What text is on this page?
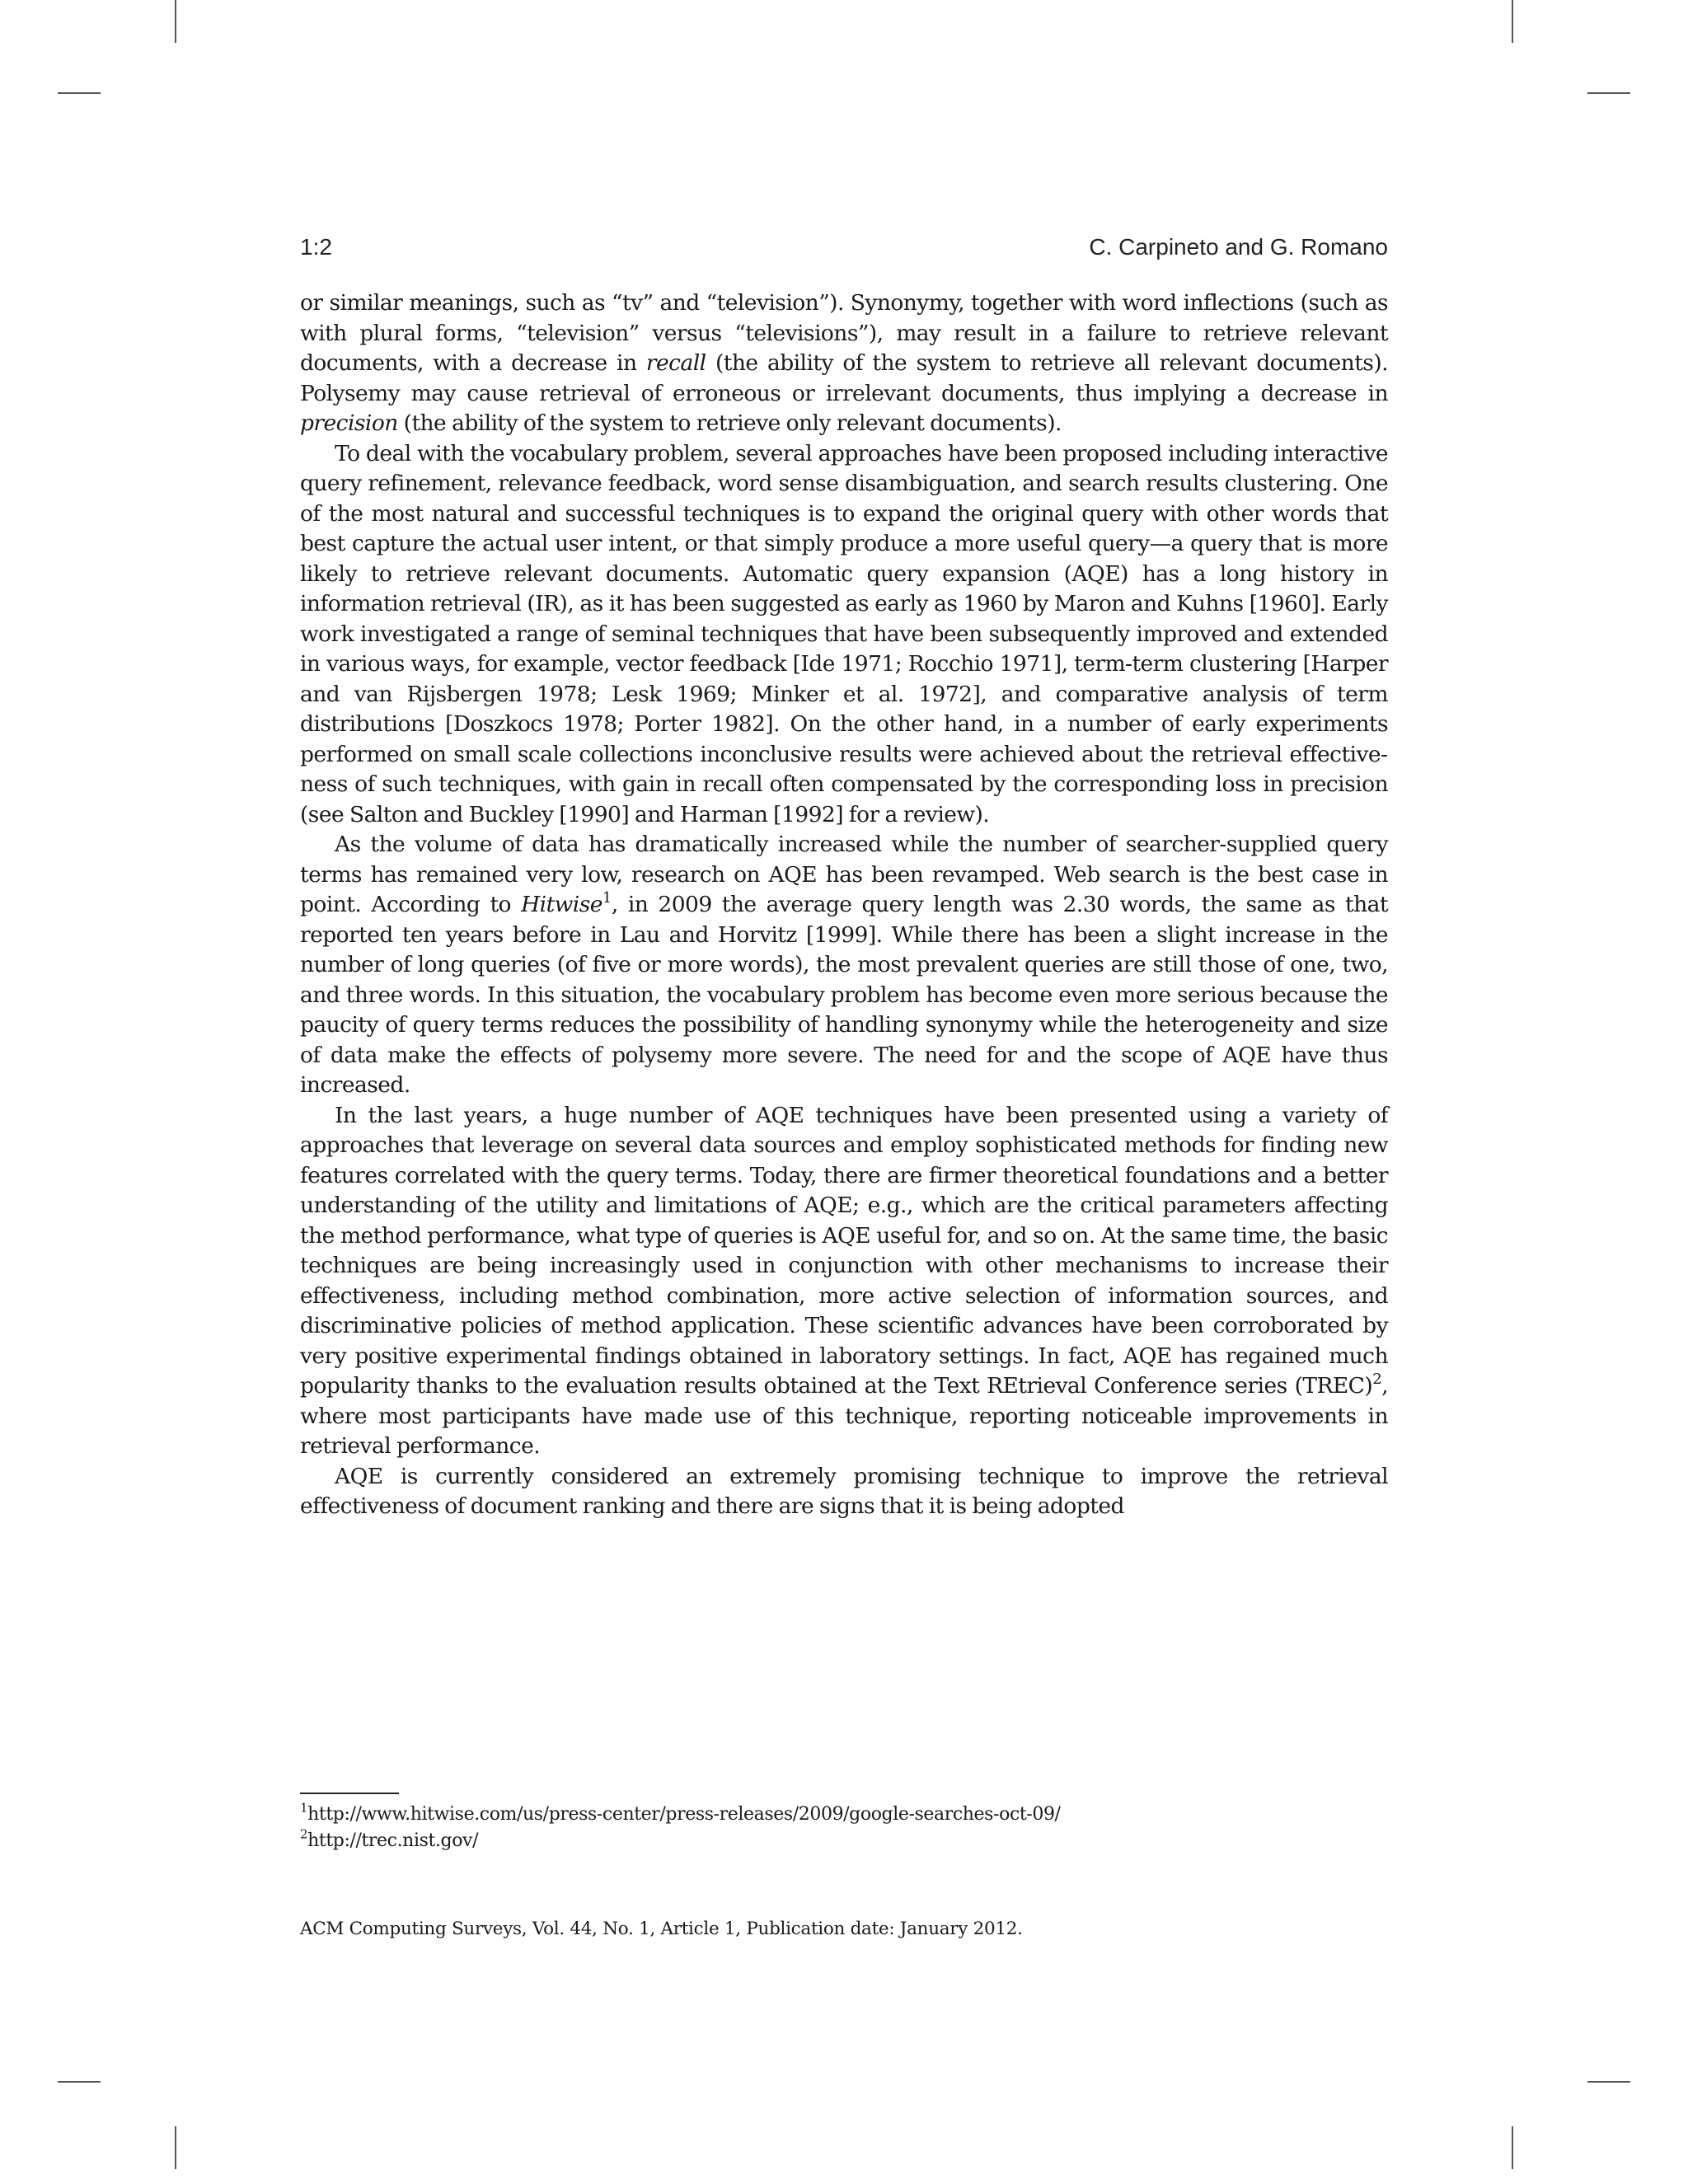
1:2	C. Carpineto and G. Romano

or similar meanings, such as “tv” and “television”). Synonymy, together with word inflections (such as with plural forms, “television” versus “televisions”), may result in a failure to retrieve relevant documents, with a decrease in recall (the ability of the system to retrieve all relevant documents). Polysemy may cause retrieval of erroneous or irrelevant documents, thus implying a decrease in precision (the ability of the system to retrieve only relevant documents).

To deal with the vocabulary problem, several approaches have been proposed including interactive query refinement, relevance feedback, word sense disambiguation, and search results clustering. One of the most natural and successful techniques is to expand the original query with other words that best capture the actual user intent, or that simply produce a more useful query—a query that is more likely to retrieve relevant documents. Automatic query expansion (AQE) has a long history in information retrieval (IR), as it has been suggested as early as 1960 by Maron and Kuhns [1960]. Early work investigated a range of seminal techniques that have been subsequently improved and extended in various ways, for example, vector feedback [Ide 1971; Rocchio 1971], term-term clustering [Harper and van Rijsbergen 1978; Lesk 1969; Minker et al. 1972], and comparative analysis of term distributions [Doszkocs 1978; Porter 1982]. On the other hand, in a number of early experiments performed on small scale collections inconclusive results were achieved about the retrieval effectiveness of such techniques, with gain in recall often compensated by the corresponding loss in precision (see Salton and Buckley [1990] and Harman [1992] for a review).

As the volume of data has dramatically increased while the number of searcher-supplied query terms has remained very low, research on AQE has been revamped. Web search is the best case in point. According to Hitwise$^1$, in 2009 the average query length was 2.30 words, the same as that reported ten years before in Lau and Horvitz [1999]. While there has been a slight increase in the number of long queries (of five or more words), the most prevalent queries are still those of one, two, and three words. In this situation, the vocabulary problem has become even more serious because the paucity of query terms reduces the possibility of handling synonymy while the heterogeneity and size of data make the effects of polysemy more severe. The need for and the scope of AQE have thus increased.

In the last years, a huge number of AQE techniques have been presented using a variety of approaches that leverage on several data sources and employ sophisticated methods for finding new features correlated with the query terms. Today, there are firmer theoretical foundations and a better understanding of the utility and limitations of AQE; e.g., which are the critical parameters affecting the method performance, what type of queries is AQE useful for, and so on. At the same time, the basic techniques are being increasingly used in conjunction with other mechanisms to increase their effectiveness, including method combination, more active selection of information sources, and discriminative policies of method application. These scientific advances have been corroborated by very positive experimental findings obtained in laboratory settings. In fact, AQE has regained much popularity thanks to the evaluation results obtained at the Text REtrieval Conference series (TREC)$^2$, where most participants have made use of this technique, reporting noticeable improvements in retrieval performance.

AQE is currently considered an extremely promising technique to improve the retrieval effectiveness of document ranking and there are signs that it is being adopted

$^1$http://www.hitwise.com/us/press-center/press-releases/2009/google-searches-oct-09/
$^2$http://trec.nist.gov/
ACM Computing Surveys, Vol. 44, No. 1, Article 1, Publication date: January 2012.
